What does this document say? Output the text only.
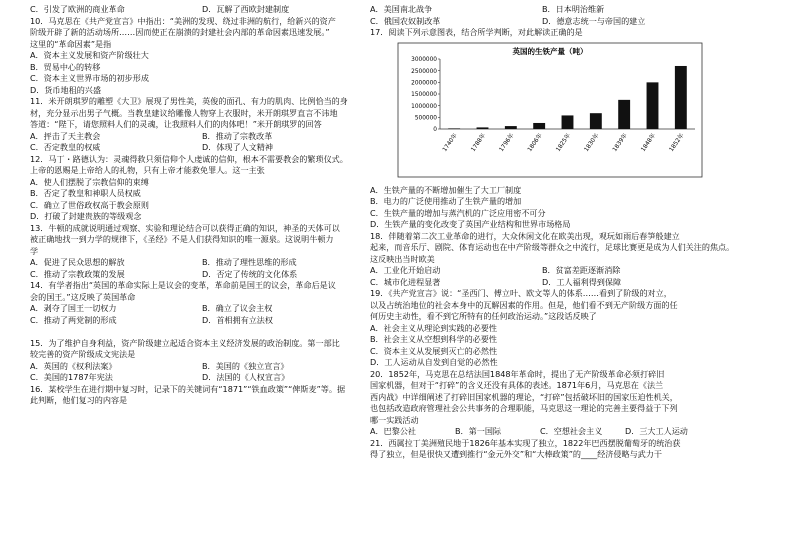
C．引发了欧洲的商业革命	D．瓦解了西欧封建制度
10．马克思在《共产党宣言》中指出：“美洲的发现、绕过非洲的航行，给新兴的资产
阶级开辟了新的活动场所……因而使正在崩溃的封建社会内部的革命因素迅速发展。”
这里的“革命因素”是指
A．资本主义发展和资产阶级壮大
B．贸易中心的转移
C．资本主义世界市场的初步形成
D．货币地租的兴盛
11．米开朗琪罗的雕塑《大卫》展现了男性美，英俊的面孔、有力的肌肉、比例恰当的身
材，充分显示出男子气概。当教皇建议给雕像人物穿上衣服时，米开朗琪罗直言不讳地
答道：“陛下，请您照料人们的灵魂，让我照料人们的肉体吧！”米开朗琪罗的回答
A．抨击了天主教会	B．推动了宗教改革
C．否定教皇的权威	D．体现了人文精神
12．马丁・路德认为：灵魂得救只须信仰个人虔诚的信仰，根本不需要教会的繁琐仪式。
上帝的恩赐是上帝给人的礼物，只有上帝才能救免罪人。这一主张
A．使人们摆脱了宗教信仰的束缚
B．否定了教皇和神职人员权威
C．确立了世俗政权高于教会原则
D．打破了封建贵族的等级观念
13．牛顿的成就说明通过观察、实验和理论结合可以获得正确的知识，神圣的天体可以
被正确地找一到力学的规律下，《圣经》不是人们获得知识的唯一源泉。这说明牛顿力
学
A．促进了民众思想的解放	B．推动了理性思维的形成
C．推动了宗教政策的发展	D．否定了传统的文化体系
14．有学者指出“英国的革命实际上是议会的变革，革命前是国王的议会，革命后是议
会的国王。”这反映了英国革命
A．剥夺了国王一切权力	B．确立了议会主权
C．推动了两党制的形成	D．首相拥有立法权
15．为了维护自身利益，资产阶级建立起适合资本主义经济发展的政治制度。第一部比
较完善的资产阶级成文宪法是
A．英国的《权利法案》	B．美国的《独立宣言》
C．美国的1787年宪法	D．法国的《人权宣言》
16．某校学生在进行期中复习时，记录下的关键词有“1871”“铁血政策”“俾斯麦”等。据
此判断，他们复习的内容是
A．美国南北战争	B．日本明治维新
C．俄国农奴制改革	D．德意志统一与帝国的建立
17．阅读下列示意图表，结合所学判断，对此解读正确的是
英国的生铁产量（吨）
0
500000
1000000
1500000
2000000
2500000
3000000
1740年 1788年 1796年 1806年 1825年 1830年 1839年 1848年 1852年
A．生铁产量的不断增加催生了大工厂制度
B．电力的广泛使用推动了生铁产量的增加
C．生铁产量的增加与蒸汽机的广泛应用密不可分
D．生铁产量的变化改变了英国产业结构和世界市场格局
18．伴随着第二次工业革命的进行，大众休闲文化在欧美出现，观玩如雨后春笋般建立
起来，而音乐厅、剧院、体育运动也在中产阶级等群众之中流行，足球比赛更是成为人们关注的焦点。
这反映出当时欧美
A．工业化开始启动	B．贫富差距逐渐消除
C．城市化进程显著	D．工人福利得到保障
19．《共产党宣言》说：“圣西门、傅立叶、欧文等人的体系……看到了阶级的对立，
以及占统治地位的社会本身中的瓦解因素的作用。但是，他们看不到无产阶级方面的任
何历史主动性，看不到它所特有的任何政治运动。”这段话反映了
A．社会主义从理论到实践的必要性
B．社会主义从空想到科学的必要性
C．资本主义从发展到灭亡的必然性
D．工人运动从自发到自觉的必然性
20．1852年，马克思在总结法国1848年革命时，提出了无产阶级革命必须打碎旧
国家机器，但对于“打碎”的含义还没有具体的表述。1871年6月，马克思在《法兰
西内战》中详细阐述了打碎旧国家机器的理论，“打碎”包括破坏旧的国家压迫性机关，
也包括改造政府管理社会公共事务的合理职能，马克思这一理论的完善主要得益于下列
哪一实践活动
A．巴黎公社	B．第一国际	C．空想社会主义	D．三大工人运动
21．西属拉丁美洲殖民地于1826年基本实现了独立，1822年巴西摆脱葡萄牙的统治获
得了独立，但是很快又遭到推行“金元外交”和“大棒政策”的____经济侵略与武力干
